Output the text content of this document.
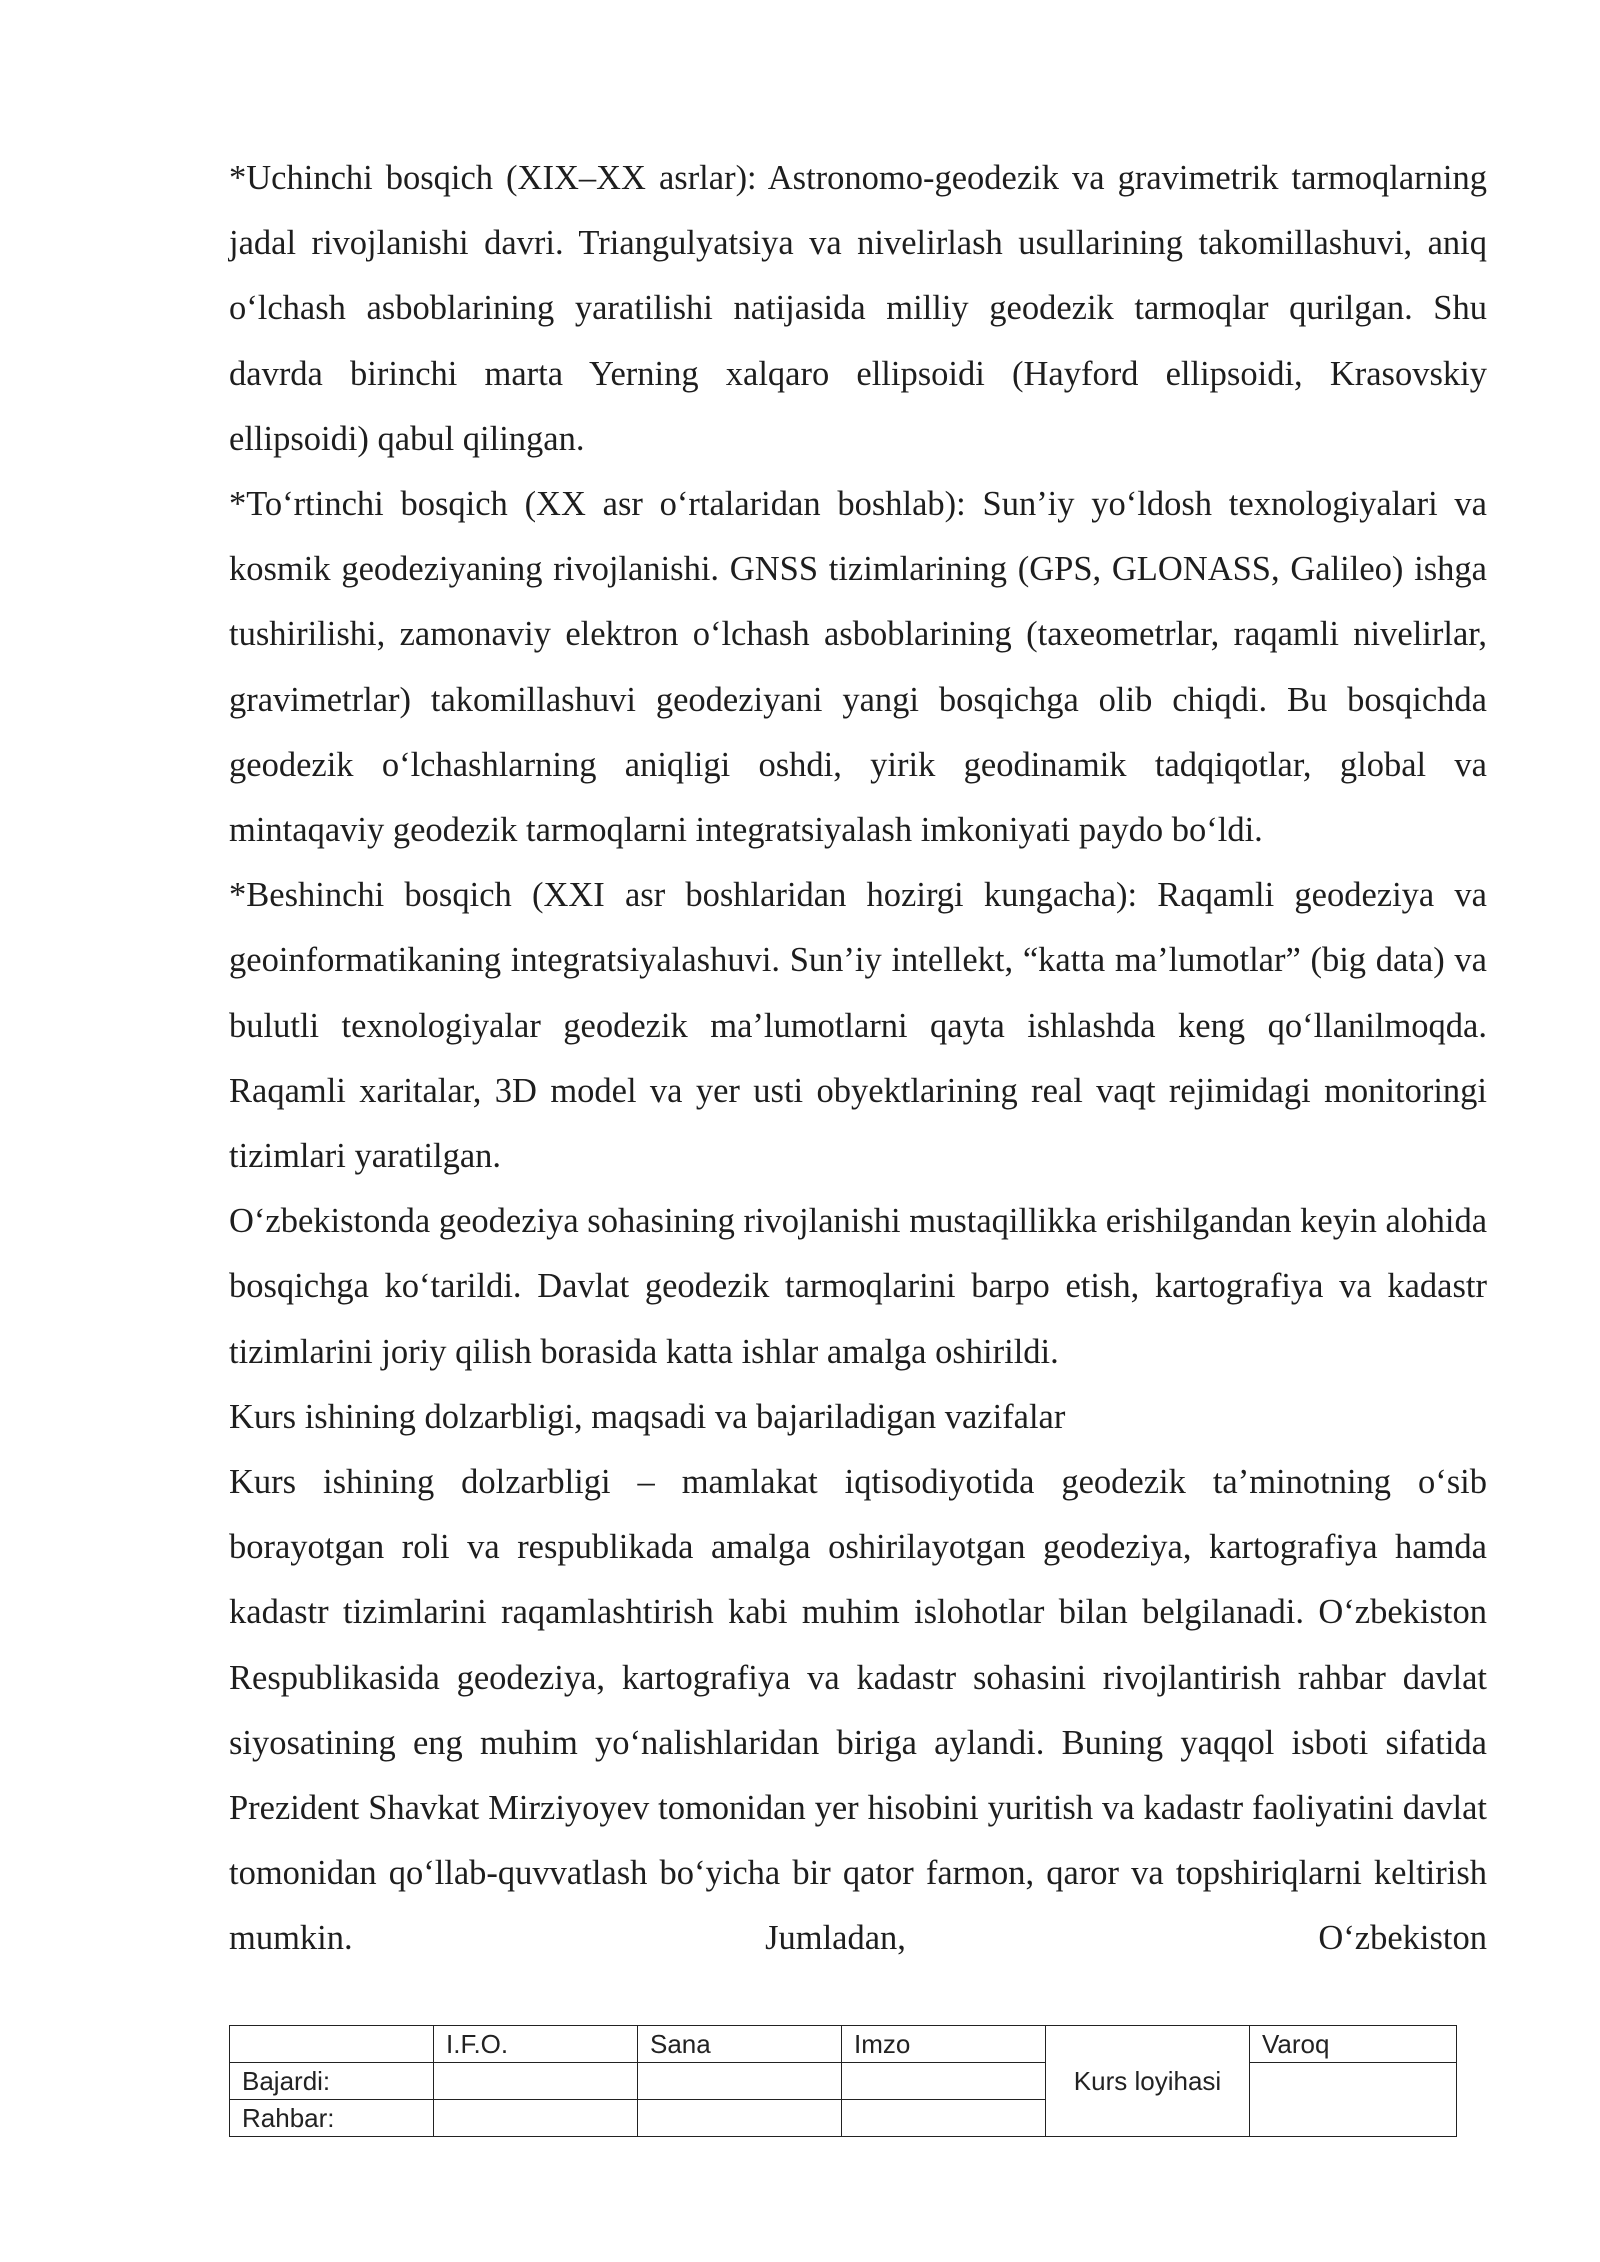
*Uchinchi bosqich (XIX–XX asrlar): Astronomo-geodezik va gravimetrik tarmoqlarning jadal rivojlanishi davri. Triangulyatsiya va nivelirlash usullarining takomillashuvi, aniq oʻlchash asboblarining yaratilishi natijasida milliy geodezik tarmoqlar qurilgan. Shu davrda birinchi marta Yerning xalqaro ellipsoidi (Hayford ellipsoidi, Krasovskiy ellipsoidi) qabul qilingan.

*Toʻrtinchi bosqich (XX asr oʻrtalaridan boshlab): Sun’iy yoʻldosh texnologiyalari va kosmik geodeziyaning rivojlanishi. GNSS tizimlarining (GPS, GLONASS, Galileo) ishga tushirilishi, zamonaviy elektron oʻlchash asboblarining (taxeometrlar, raqamli nivelirlar, gravimetrlar) takomillashuvi geodeziyani yangi bosqichga olib chiqdi. Bu bosqichda geodezik oʻlchashlarning aniqligi oshdi, yirik geodinamik tadqiqotlar, global va mintaqaviy geodezik tarmoqlarni integratsiyalash imkoniyati paydo boʻldi.

*Beshinchi bosqich (XXI asr boshlaridan hozirgi kungacha): Raqamli geodeziya va geoinformatikaning integratsiyalashuvi. Sun’iy intellekt, “katta ma’lumotlar” (big data) va bulutli texnologiyalar geodezik ma’lumotlarni qayta ishlashda keng qoʻllanilmoqda. Raqamli xaritalar, 3D model va yer usti obyektlarining real vaqt rejimidagi monitoringi tizimlari yaratilgan.

Oʻzbekistonda geodeziya sohasining rivojlanishi mustaqillikka erishilgandan keyin alohida bosqichga koʻtarildi. Davlat geodezik tarmoqlarini barpo etish, kartografiya va kadastr tizimlarini joriy qilish borasida katta ishlar amalga oshirildi.

Kurs ishining dolzarbligi, maqsadi va bajariladigan vazifalar

Kurs ishining dolzarbligi – mamlakat iqtisodiyotida geodezik ta’minotning oʻsib borayotgan roli va respublikada amalga oshirilayotgan geodeziya, kartografiya hamda kadastr tizimlarini raqamlashtirish kabi muhim islohotlar bilan belgilanadi. Oʻzbekiston Respublikasida geodeziya, kartografiya va kadastr sohasini rivojlantirish rahbar davlat siyosatining eng muhim yoʻnalishlaridan biriga aylandi. Buning yaqqol isboti sifatida Prezident Shavkat Mirziyoyev tomonidan yer hisobini yuritish va kadastr faoliyatini davlat tomonidan qoʻllab-quvvatlash boʻyicha bir qator farmon, qaror va topshiriqlarni keltirish mumkin. Jumladan, Oʻzbekiston

	I.F.O.	Sana	Imzo	Kurs loyihasi	Varoq
Bajardi:					
Rahbar:					
